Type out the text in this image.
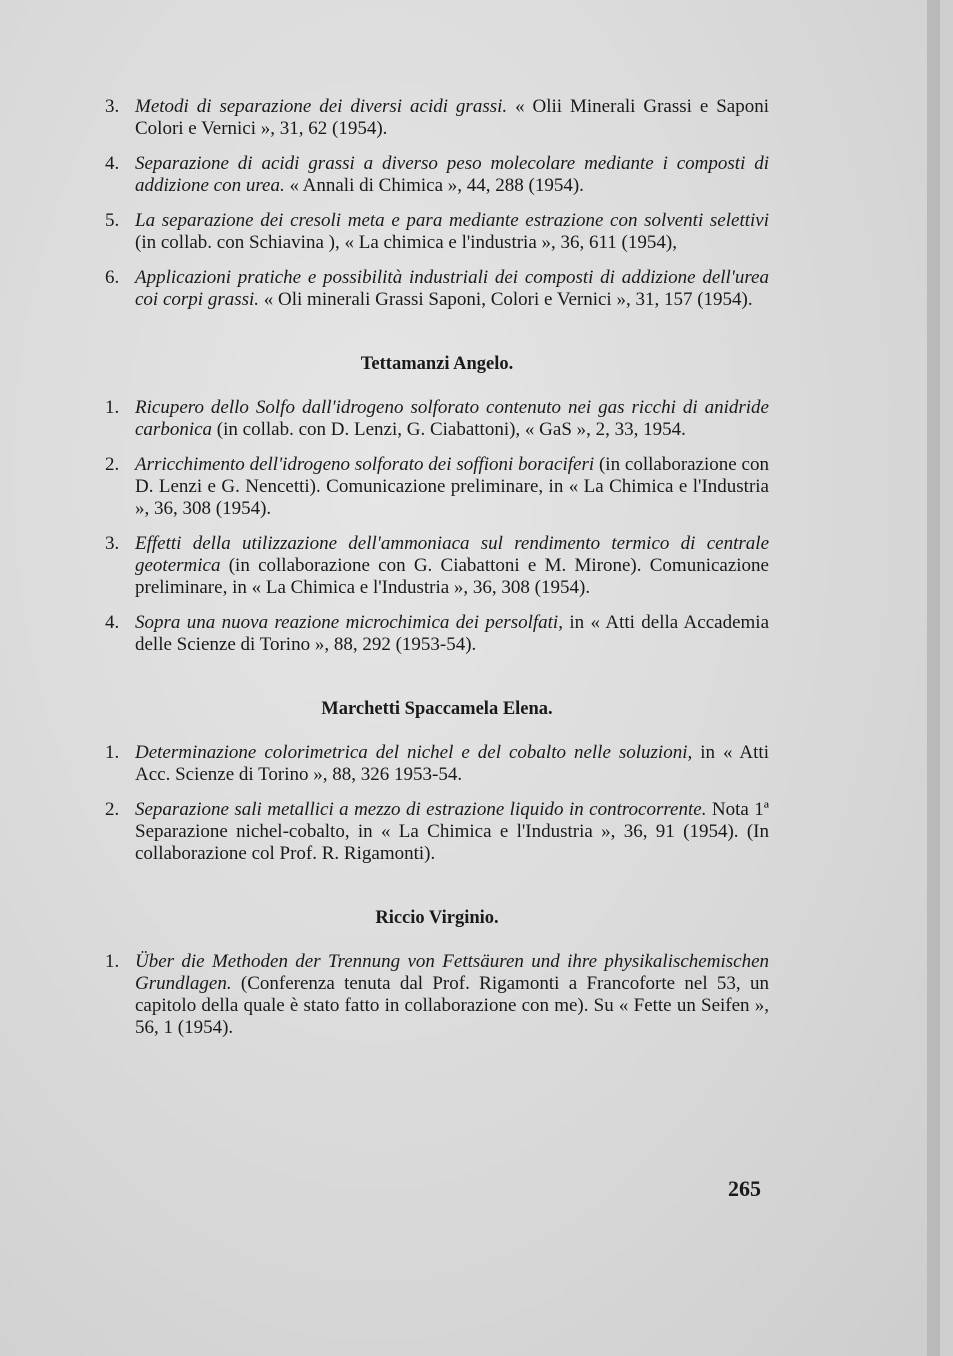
3. Metodi di separazione dei diversi acidi grassi. « Olii Minerali Grassi e Saponi Colori e Vernici », 31, 62 (1954).
4. Separazione di acidi grassi a diverso peso molecolare mediante i composti di addizione con urea. « Annali di Chimica », 44, 288 (1954).
5. La separazione dei cresoli meta e para mediante estrazione con solventi selettivi (in collab. con Schiavina ), « La chimica e l'industria », 36, 611 (1954),
6. Applicazioni pratiche e possibilità industriali dei composti di addizione dell'urea coi corpi grassi. « Oli minerali Grassi Saponi, Colori e Vernici », 31, 157 (1954).
Tettamanzi Angelo.
1. Ricupero dello Solfo dall'idrogeno solforato contenuto nei gas ricchi di anidride carbonica (in collab. con D. Lenzi, G. Ciabattoni), « GaS », 2, 33, 1954.
2. Arricchimento dell'idrogeno solforato dei soffioni boraciferi (in collaborazione con D. Lenzi e G. Nencetti). Comunicazione preliminare, in « La Chimica e l'Industria », 36, 308 (1954).
3. Effetti della utilizzazione dell'ammoniaca sul rendimento termico di centrale geotermica (in collaborazione con G. Ciabattoni e M. Mirone). Comunicazione preliminare, in « La Chimica e l'Industria », 36, 308 (1954).
4. Sopra una nuova reazione microchimica dei persolfati, in « Atti della Accademia delle Scienze di Torino », 88, 292 (1953-54).
Marchetti Spaccamela Elena.
1. Determinazione colorimetrica del nichel e del cobalto nelle soluzioni, in « Atti Acc. Scienze di Torino », 88, 326 1953-54.
2. Separazione sali metallici a mezzo di estrazione liquido in controcorrente. Nota 1ª Separazione nichel-cobalto, in « La Chimica e l'Industria », 36, 91 (1954). (In collaborazione col Prof. R. Rigamonti).
Riccio Virginio.
1. Über die Methoden der Trennung von Fettsäuren und ihre physikalischemischen Grundlagen. (Conferenza tenuta dal Prof. Rigamonti a Francoforte nel 53, un capitolo della quale è stato fatto in collaborazione con me). Su « Fette un Seifen », 56, 1 (1954).
265
